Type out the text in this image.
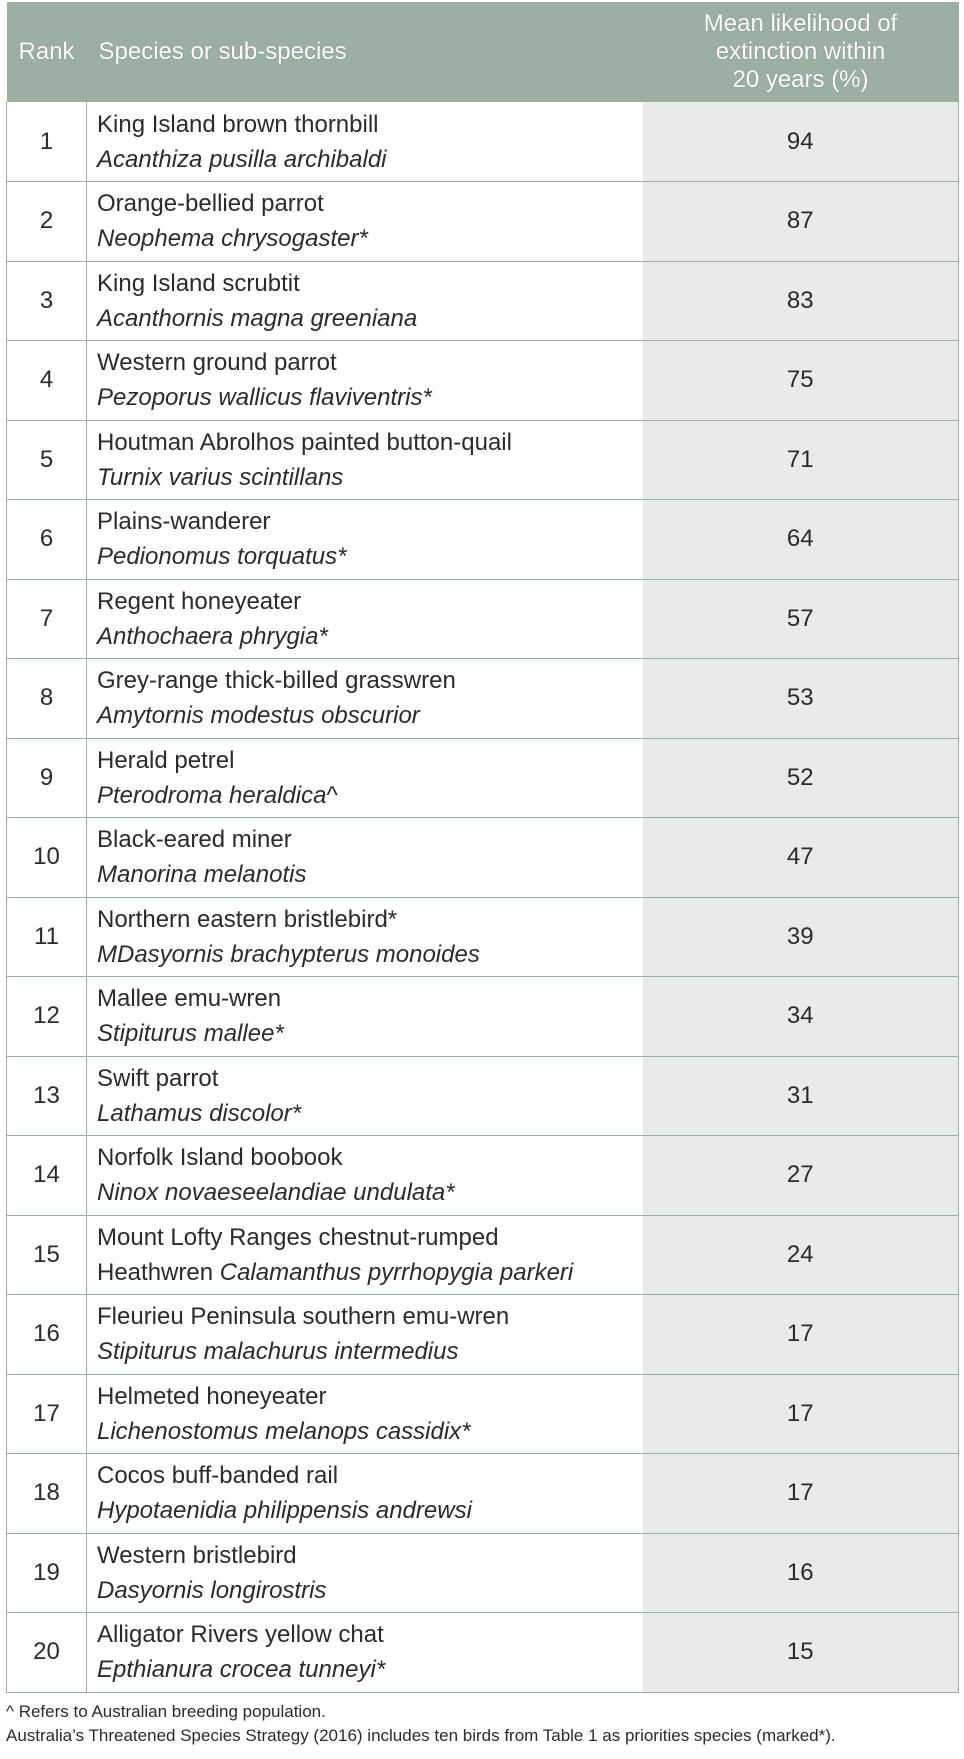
Rank	Species or sub-species	Mean likelihood of
extinction within
20 years (%)

1	King Island brown thornbill
Acanthiza pusilla archibaldi	94
2	Orange-bellied parrot
Neophema chrysogaster*	87
3	King Island scrubtit
Acanthornis magna greeniana	83
4	Western ground parrot
Pezoporus wallicus flaviventris*	75
5	Houtman Abrolhos painted button-quail
Turnix varius scintillans	71
6	Plains-wanderer
Pedionomus torquatus*	64
7	Regent honeyeater
Anthochaera phrygia*	57
8	Grey-range thick-billed grasswren
Amytornis modestus obscurior	53
9	Herald petrel
Pterodroma heraldica^	52
10	Black-eared miner
Manorina melanotis	47
11	Northern eastern bristlebird*
MDasyornis brachypterus monoides	39
12	Mallee emu-wren
Stipiturus mallee*	34
13	Swift parrot
Lathamus discolor*	31
14	Norfolk Island boobook
Ninox novaeseelandiae undulata*	27
15	Mount Lofty Ranges chestnut-rumped
Heathwren Calamanthus pyrrhopygia parkeri	24
16	Fleurieu Peninsula southern emu-wren
Stipiturus malachurus intermedius	17
17	Helmeted honeyeater
Lichenostomus melanops cassidix*	17
18	Cocos buff-banded rail
Hypotaenidia philippensis andrewsi	17
19	Western bristlebird
Dasyornis longirostris	16
20	Alligator Rivers yellow chat
Epthianura crocea tunneyi*	15
^ Refers to Australian breeding population.
Australia’s Threatened Species Strategy (2016) includes ten birds from Table 1 as priorities species (marked*).
